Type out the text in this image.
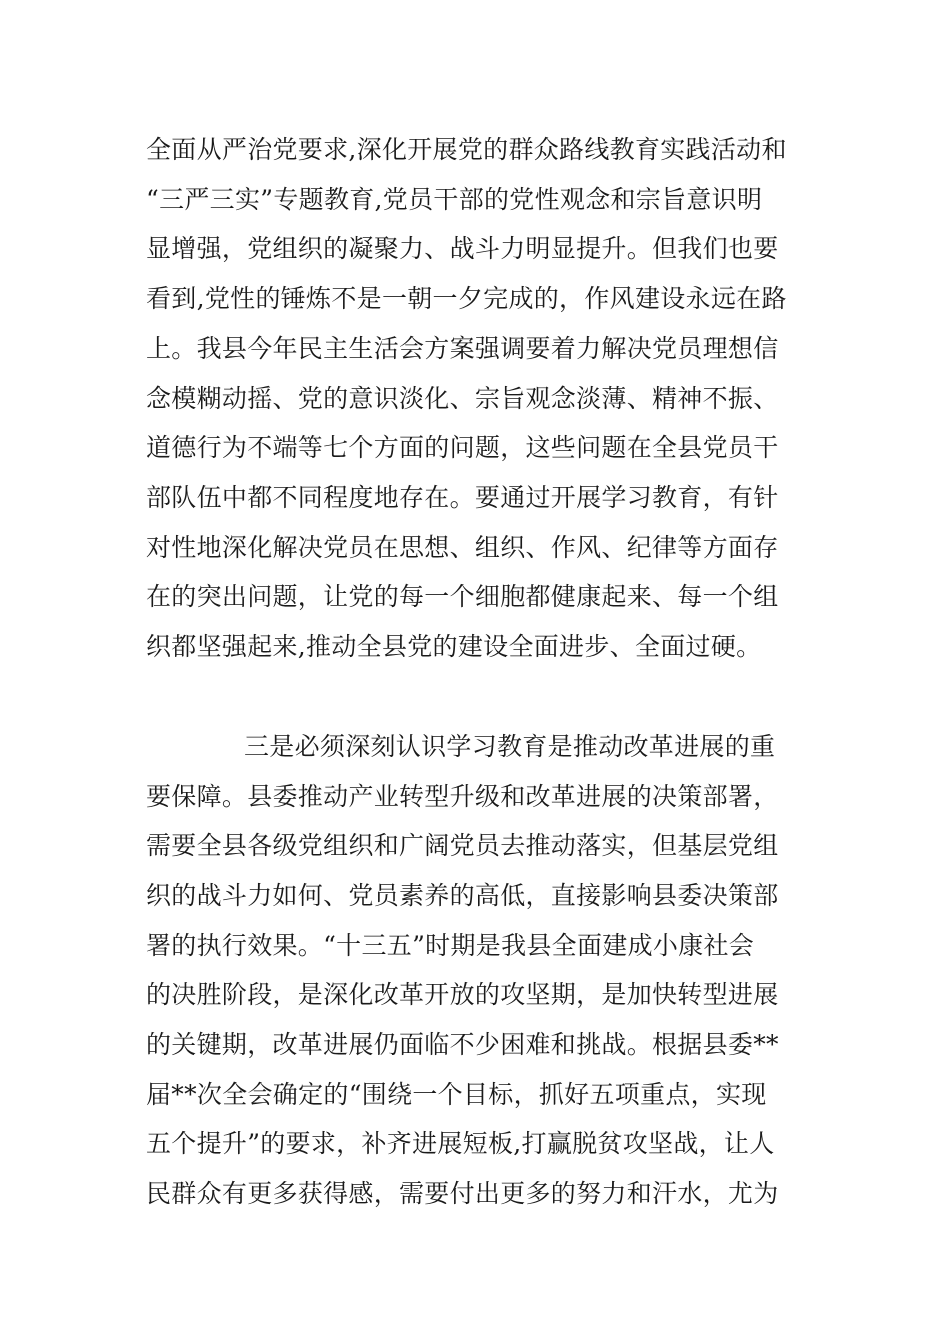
全面从严治党要求,深化开展党的群众路线教育实践活动和
“三严三实”专题教育,党员干部的党性观念和宗旨意识明
显增强，党组织的凝聚力、战斗力明显提升。但我们也要
看到,党性的锤炼不是一朝一夕完成的，作风建设永远在路
上。我县今年民主生活会方案强调要着力解决党员理想信
念模糊动摇、党的意识淡化、宗旨观念淡薄、精神不振、
道德行为不端等七个方面的问题，这些问题在全县党员干
部队伍中都不同程度地存在。要通过开展学习教育，有针
对性地深化解决党员在思想、组织、作风、纪律等方面存
在的突出问题，让党的每一个细胞都健康起来、每一个组
织都坚强起来,推动全县党的建设全面进步、全面过硬。
三是必须深刻认识学习教育是推动改革进展的重
要保障。县委推动产业转型升级和改革进展的决策部署，
需要全县各级党组织和广阔党员去推动落实，但基层党组
织的战斗力如何、党员素养的高低，直接影响县委决策部
署的执行效果。“十三五”时期是我县全面建成小康社会
的决胜阶段，是深化改革开放的攻坚期，是加快转型进展
的关键期，改革进展仍面临不少困难和挑战。根据县委**
届**次全会确定的“围绕一个目标，抓好五项重点，实现
五个提升”的要求，补齐进展短板,打赢脱贫攻坚战，让人
民群众有更多获得感，需要付出更多的努力和汗水，尤为
